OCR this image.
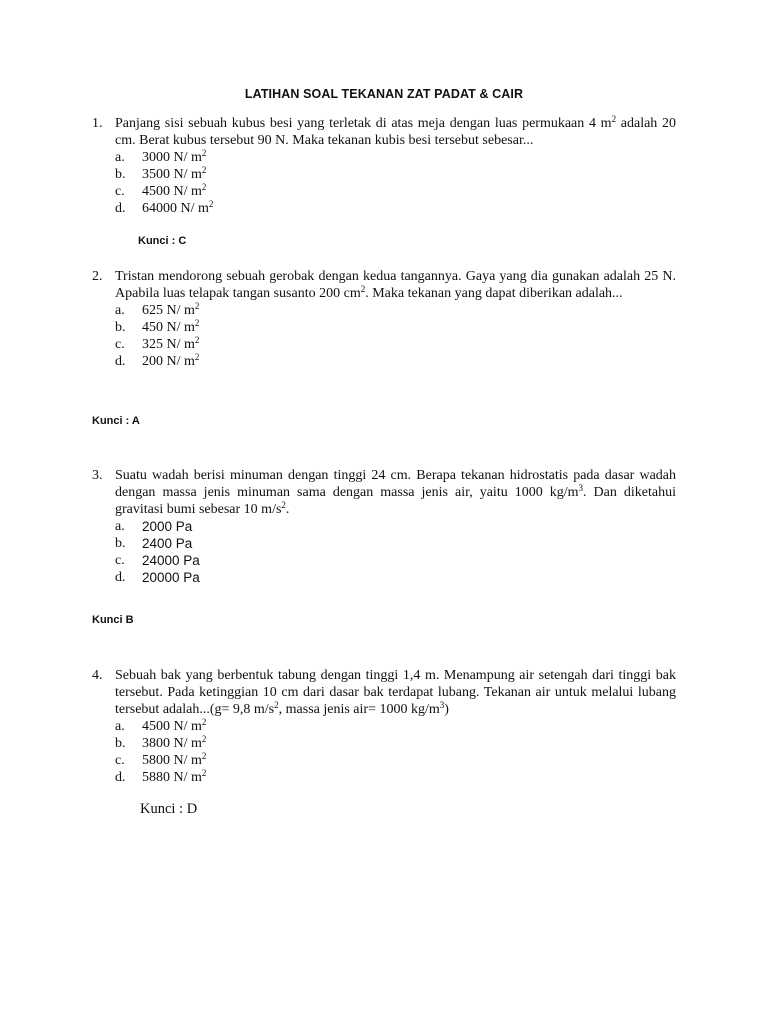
LATIHAN SOAL TEKANAN ZAT PADAT & CAIR
1. Panjang sisi sebuah kubus besi yang terletak di atas meja dengan luas permukaan 4 $m^2$ adalah 20 cm. Berat kubus tersebut 90 N. Maka tekanan kubis besi tersebut sebesar...
a.	3000 N/ $m^2$
b.	3500 N/ $m^2$
c.	4500 N/ $m^2$
d.	64000 N/ $m^2$
Kunci : C
2. Tristan mendorong sebuah gerobak dengan kedua tangannya. Gaya yang dia gunakan adalah 25 N. Apabila luas telapak tangan susanto 200 $cm^2$. Maka tekanan yang dapat diberikan adalah...
a.	625 N/ $m^2$
b.	450 N/ $m^2$
c.	325 N/ $m^2$
d.	200 N/ $m^2$
Kunci : A
3. Suatu wadah berisi minuman dengan tinggi 24 cm. Berapa tekanan hidrostatis pada dasar wadah dengan massa jenis minuman sama dengan massa jenis air, yaitu 1000 $kg/m^3$. Dan diketahui gravitasi bumi sebesar 10 $m/s^2$.
a.	2000 Pa
b.	2400 Pa
c.	24000 Pa
d.	20000 Pa
Kunci B
4. Sebuah bak yang berbentuk tabung dengan tinggi 1,4 m. Menampung air setengah dari tinggi bak tersebut. Pada ketinggian 10 cm dari dasar bak terdapat lubang. Tekanan air untuk melalui lubang tersebut adalah...(g= 9,8 $m/s^2$, massa jenis air= 1000 $kg/m^3$)
a.	4500 N/ $m^2$
b.	3800 N/ $m^2$
c.	5800 N/ $m^2$
d.	5880 N/ $m^2$
Kunci : D
